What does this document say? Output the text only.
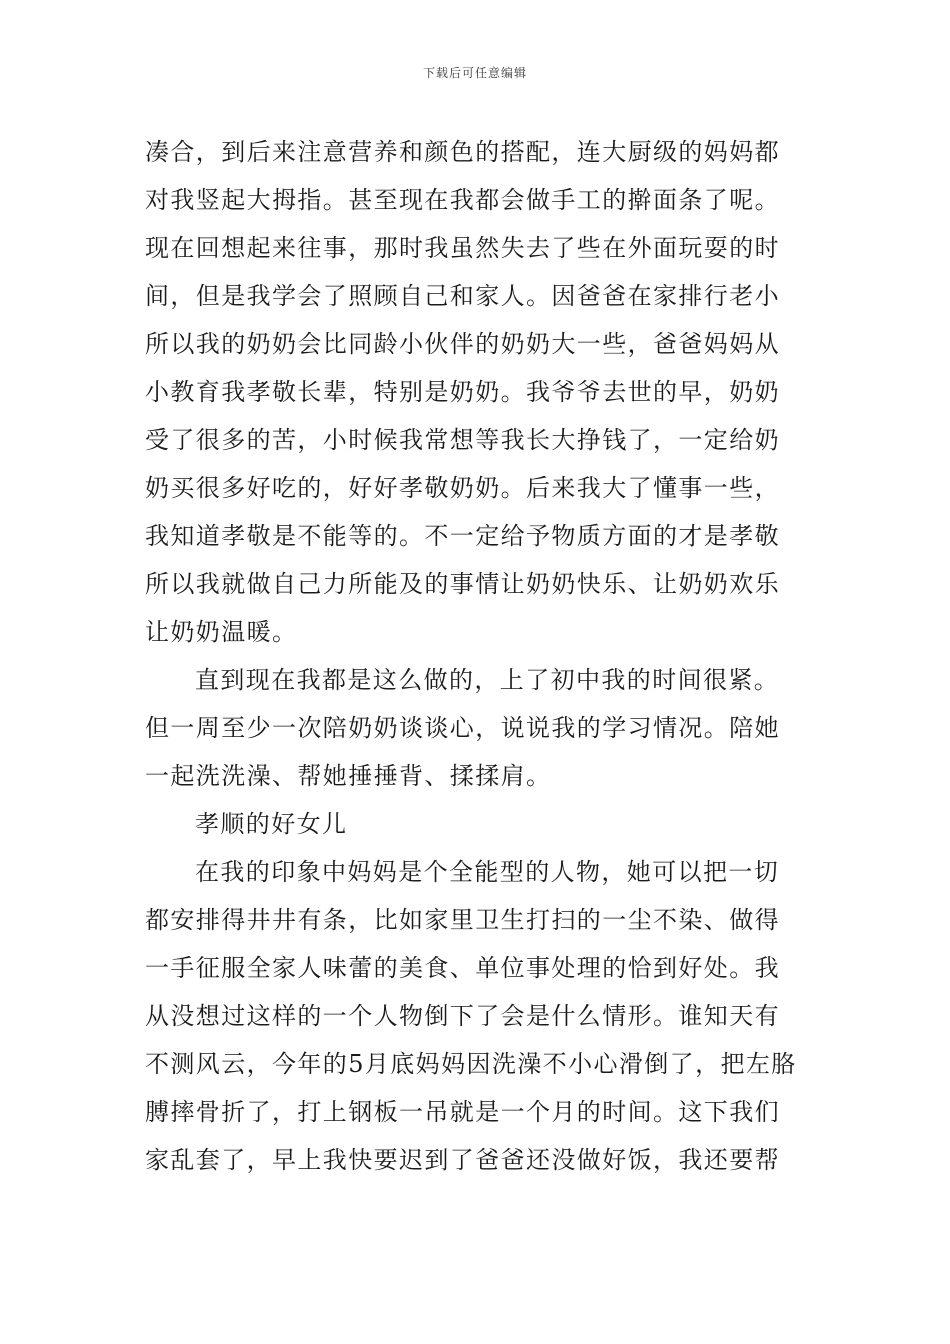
下载后可任意编辑
凑合，到后来注意营养和颜色的搭配，连大厨级的妈妈都
对我竖起大拇指。甚至现在我都会做手工的擀面条了呢。
现在回想起来往事，那时我虽然失去了些在外面玩耍的时
间，但是我学会了照顾自己和家人。因爸爸在家排行老小
所以我的奶奶会比同龄小伙伴的奶奶大一些，爸爸妈妈从
小教育我孝敬长辈，特别是奶奶。我爷爷去世的早，奶奶
受了很多的苦，小时候我常想等我长大挣钱了，一定给奶
奶买很多好吃的，好好孝敬奶奶。后来我大了懂事一些，
我知道孝敬是不能等的。不一定给予物质方面的才是孝敬
所以我就做自己力所能及的事情让奶奶快乐、让奶奶欢乐
让奶奶温暖。
直到现在我都是这么做的，上了初中我的时间很紧。
但一周至少一次陪奶奶谈谈心，说说我的学习情况。陪她
一起洗洗澡、帮她捶捶背、揉揉肩。
孝顺的好女儿
在我的印象中妈妈是个全能型的人物，她可以把一切
都安排得井井有条，比如家里卫生打扫的一尘不染、做得
一手征服全家人味蕾的美食、单位事处理的恰到好处。我
从没想过这样的一个人物倒下了会是什么情形。谁知天有
不测风云，今年的5月底妈妈因洗澡不小心滑倒了，把左胳
膊摔骨折了，打上钢板一吊就是一个月的时间。这下我们
家乱套了，早上我快要迟到了爸爸还没做好饭，我还要帮
